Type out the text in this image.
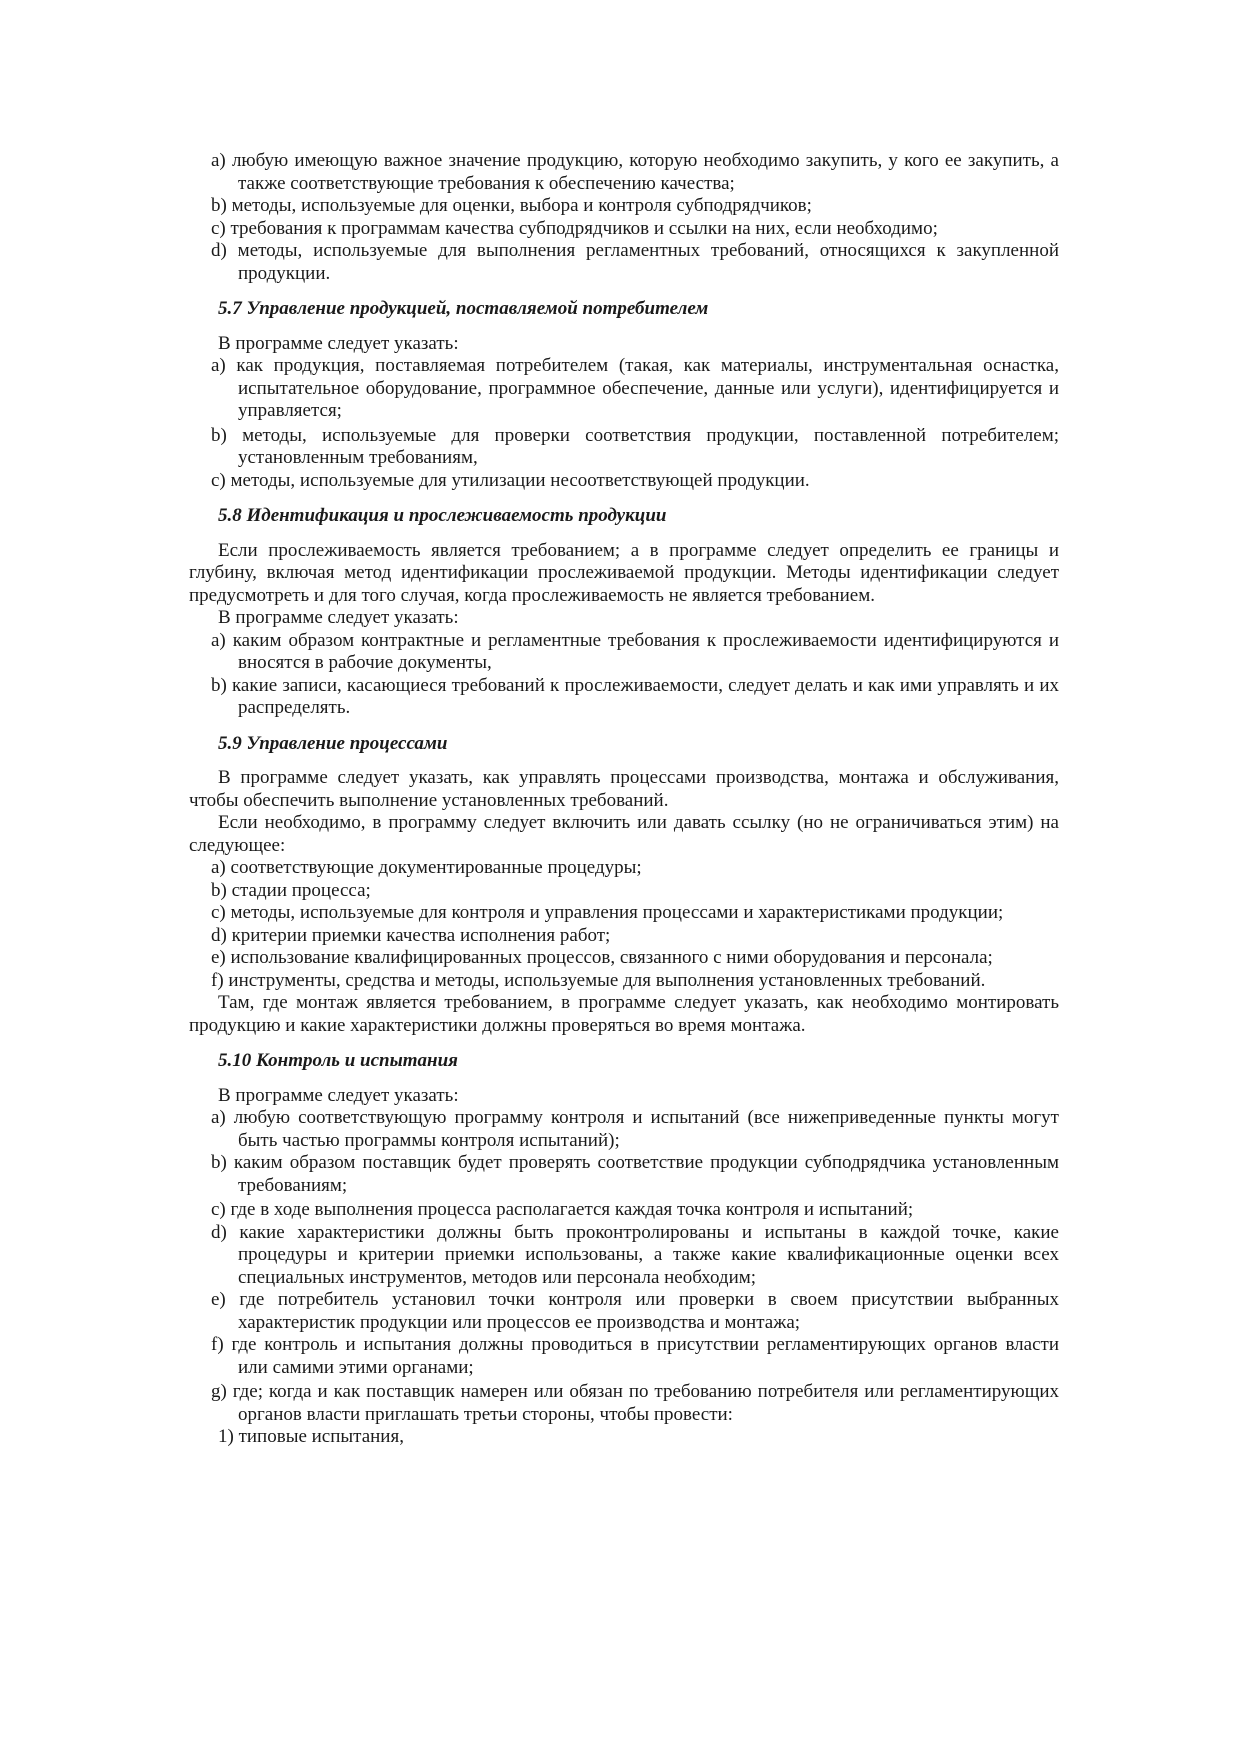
a) любую имеющую важное значение продукцию, которую необходимо закупить, у кого ее закупить, а также соответствующие требования к обеспечению качества;

b) методы, используемые для оценки, выбора и контроля субподрядчиков;

c) требования к программам качества субподрядчиков и ссылки на них, если необходимо;

d) методы, используемые для выполнения регламентных требований, относящихся к закупленной продукции.

5.7 Управление продукцией, поставляемой потребителем

В программе следует указать:

a) как продукция, поставляемая потребителем (такая, как материалы, инструментальная оснастка, испытательное оборудование, программное обеспечение, данные или услуги), идентифицируется и управляется;

b) методы, используемые для проверки соответствия продукции, поставленной потребителем; установленным требованиям,

c) методы, используемые для утилизации несоответствующей продукции.

5.8 Идентификация и прослеживаемость продукции

Если прослеживаемость является требованием; а в программе следует определить ее границы и глубину, включая метод идентификации прослеживаемой продукции. Методы идентификации следует предусмотреть и для того случая, когда прослеживаемость не является требованием.

В программе следует указать:

a) каким образом контрактные и регламентные требования к прослеживаемости идентифицируются и вносятся в рабочие документы,

b) какие записи, касающиеся требований к прослеживаемости, следует делать и как ими управлять и их распределять.

5.9 Управление процессами

В программе следует указать, как управлять процессами производства, монтажа и обслуживания, чтобы обеспечить выполнение установленных требований.

Если необходимо, в программу следует включить или давать ссылку (но не ограничиваться этим) на следующее:

a) соответствующие документированные процедуры;

b) стадии процесса;

c) методы, используемые для контроля и управления процессами и характеристиками продукции;

d) критерии приемки качества исполнения работ;

e) использование квалифицированных процессов, связанного с ними оборудования и персонала;

f) инструменты, средства и методы, используемые для выполнения установленных требований.

Там, где монтаж является требованием, в программе следует указать, как необходимо монтировать продукцию и какие характеристики должны проверяться во время монтажа.

5.10 Контроль и испытания

В программе следует указать:

a) любую соответствующую программу контроля и испытаний (все нижеприведенные пункты могут быть частью программы контроля испытаний);

b) каким образом поставщик будет проверять соответствие продукции субподрядчика установленным требованиям;

c) где в ходе выполнения процесса располагается каждая точка контроля и испытаний;

d) какие характеристики должны быть проконтролированы и испытаны в каждой точке, какие процедуры и критерии приемки использованы, а также какие квалификационные оценки всех специальных инструментов, методов или персонала необходим;

e) где потребитель установил точки контроля или проверки в своем присутствии выбранных характеристик продукции или процессов ее производства и монтажа;

f) где контроль и испытания должны проводиться в присутствии регламентирующих органов власти или самими этими органами;

g) где; когда и как поставщик намерен или обязан по требованию потребителя или регламентирующих органов власти приглашать третьи стороны, чтобы провести:

1) типовые испытания,
